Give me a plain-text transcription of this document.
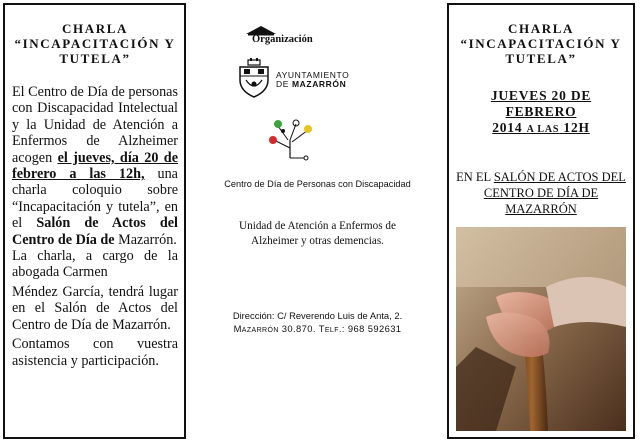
CHARLA

“INCAPACITACIÓN Y

TUTELA”

El Centro de Día de personas con Discapacidad Intelectual y la Unidad de Atención a Enfermos de Alzheimer acogen el jueves, día 20 de febrero a las 12h, una charla coloquio sobre “Incapacitación y tutela”, en el Salón de Actos del Centro de Día de Mazarrón.

La charla, a cargo de la abogada Carmen

Méndez García, tendrá lugar en el Salón de Actos del Centro de Día de Mazarrón.

Contamos con vuestra asistencia y participación.

Organización
AYUNTAMIENTO
DE MAZARRÓN
Centro de Día de Personas con Discapacidad
Unidad de Atención a Enfermos de
Alzheimer y otras demencias.
Dirección: C/ Reverendo Luis de Anta, 2.
Mazarrón 30.870. Telf.: 968 592631

CHARLA

“INCAPACITACIÓN Y

TUTELA”

JUEVES 20 DE FEBRERO
2014 A LAS 12H
EN EL SALÓN DE ACTOS DEL CENTRO DE DÍA DE MAZARRÓN
